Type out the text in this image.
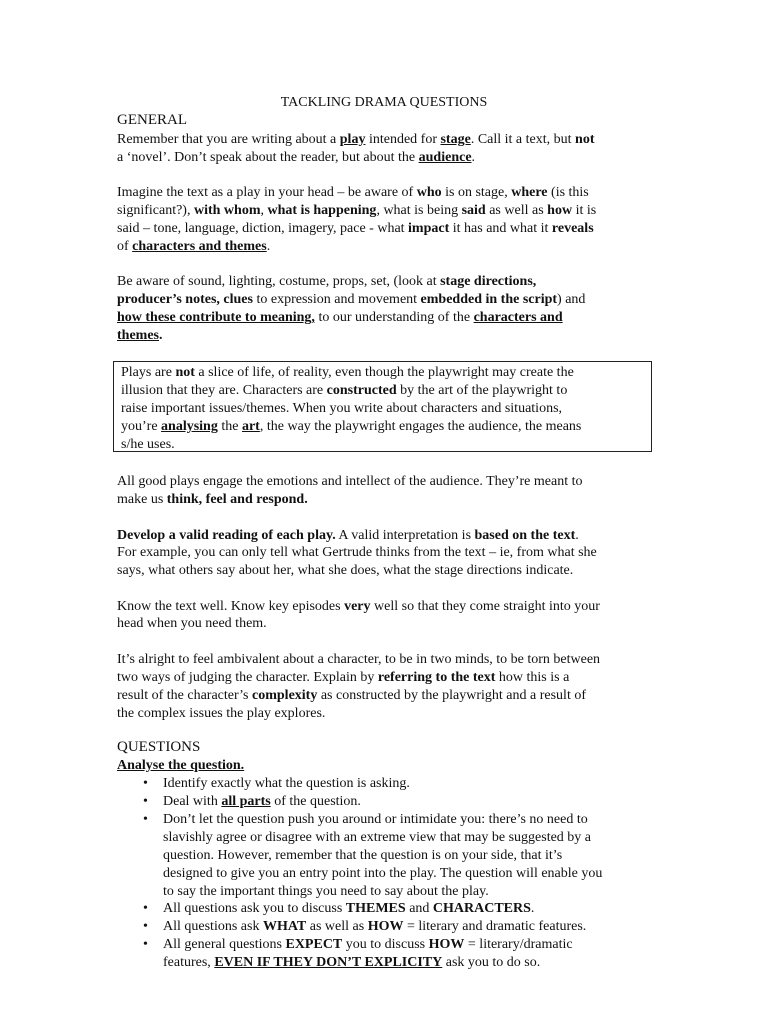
TACKLING DRAMA QUESTIONS
GENERAL
Remember that you are writing about a play intended for stage. Call it a text, but not
a ‘novel’. Don’t speak about the reader, but about the audience.
Imagine the text as a play in your head – be aware of who is on stage, where (is this
significant?), with whom, what is happening, what is being said as well as how it is
said – tone, language, diction, imagery, pace - what impact it has and what it reveals
of characters and themes.
Be aware of sound, lighting, costume, props, set, (look at stage directions,
producer’s notes, clues to expression and movement embedded in the script) and
how these contribute to meaning, to our understanding of the characters and
themes.
Plays are not a slice of life, of reality, even though the playwright may create the
illusion that they are. Characters are constructed by the art of the playwright to
raise important issues/themes. When you write about characters and situations,
you’re analysing the art, the way the playwright engages the audience, the means
s/he uses.
All good plays engage the emotions and intellect of the audience. They’re meant to
make us think, feel and respond.
Develop a valid reading of each play. A valid interpretation is based on the text.
For example, you can only tell what Gertrude thinks from the text – ie, from what she
says, what others say about her, what she does, what the stage directions indicate.
Know the text well. Know key episodes very well so that they come straight into your
head when you need them.
It’s alright to feel ambivalent about a character, to be in two minds, to be torn between
two ways of judging the character. Explain by referring to the text how this is a
result of the character’s complexity as constructed by the playwright and a result of
the complex issues the play explores.
QUESTIONS
Analyse the question.
• Identify exactly what the question is asking.
• Deal with all parts of the question.
• Don’t let the question push you around or intimidate you: there’s no need to
slavishly agree or disagree with an extreme view that may be suggested by a
question. However, remember that the question is on your side, that it’s
designed to give you an entry point into the play. The question will enable you
to say the important things you need to say about the play.
• All questions ask you to discuss THEMES and CHARACTERS.
• All questions ask WHAT as well as HOW = literary and dramatic features.
• All general questions EXPECT you to discuss HOW = literary/dramatic
features, EVEN IF THEY DON’T EXPLICITY ask you to do so.
